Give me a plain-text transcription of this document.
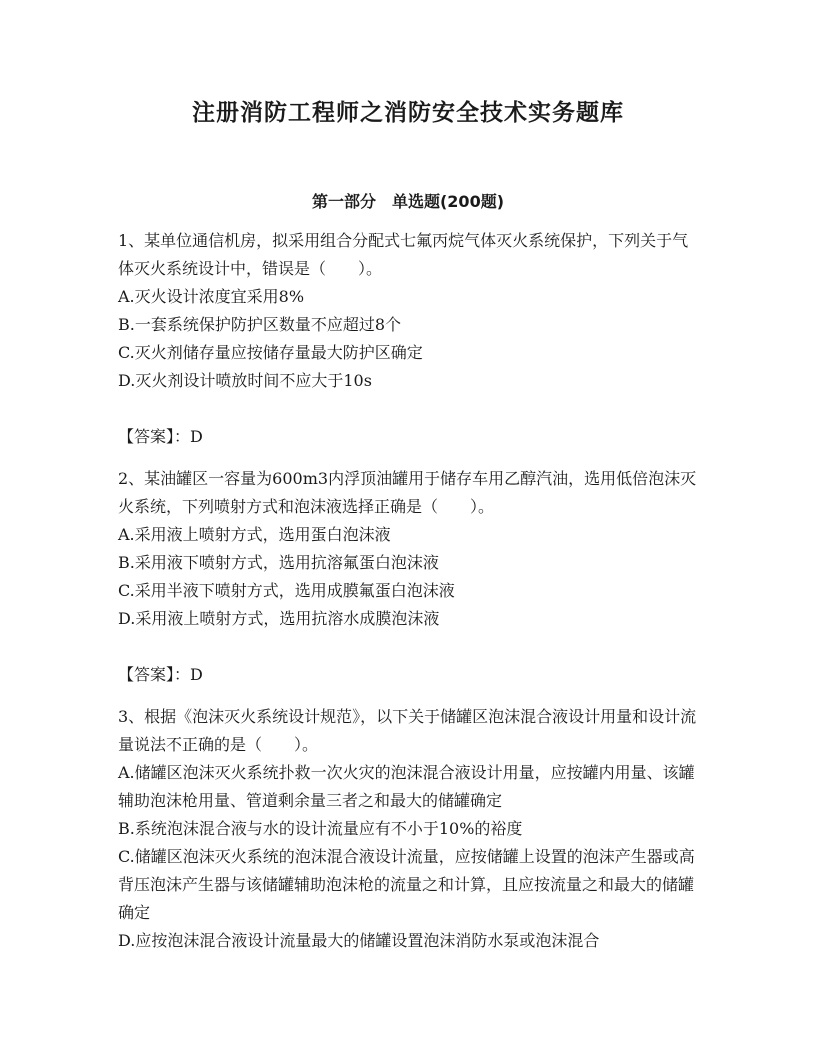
注册消防工程师之消防安全技术实务题库
第一部分　单选题(200题)
1、某单位通信机房，拟采用组合分配式七氟丙烷气体灭火系统保护，下列关于气体灭火系统设计中，错误是（　　）。
A.灭火设计浓度宜采用8%
B.一套系统保护防护区数量不应超过8个
C.灭火剂储存量应按储存量最大防护区确定
D.灭火剂设计喷放时间不应大于10s
【答案】：D
2、某油罐区一容量为600m3内浮顶油罐用于储存车用乙醇汽油，选用低倍泡沫灭火系统，下列喷射方式和泡沫液选择正确是（　　）。
A.采用液上喷射方式，选用蛋白泡沫液
B.采用液下喷射方式，选用抗溶氟蛋白泡沫液
C.采用半液下喷射方式，选用成膜氟蛋白泡沫液
D.采用液上喷射方式，选用抗溶水成膜泡沫液
【答案】：D
3、根据《泡沫灭火系统设计规范》，以下关于储罐区泡沫混合液设计用量和设计流量说法不正确的是（　　）。
A.储罐区泡沫灭火系统扑救一次火灾的泡沫混合液设计用量，应按罐内用量、该罐辅助泡沫枪用量、管道剩余量三者之和最大的储罐确定
B.系统泡沫混合液与水的设计流量应有不小于10%的裕度
C.储罐区泡沫灭火系统的泡沫混合液设计流量，应按储罐上设置的泡沫产生器或高背压泡沫产生器与该储罐辅助泡沫枪的流量之和计算，且应按流量之和最大的储罐确定
D.应按泡沫混合液设计流量最大的储罐设置泡沫消防水泵或泡沫混合
